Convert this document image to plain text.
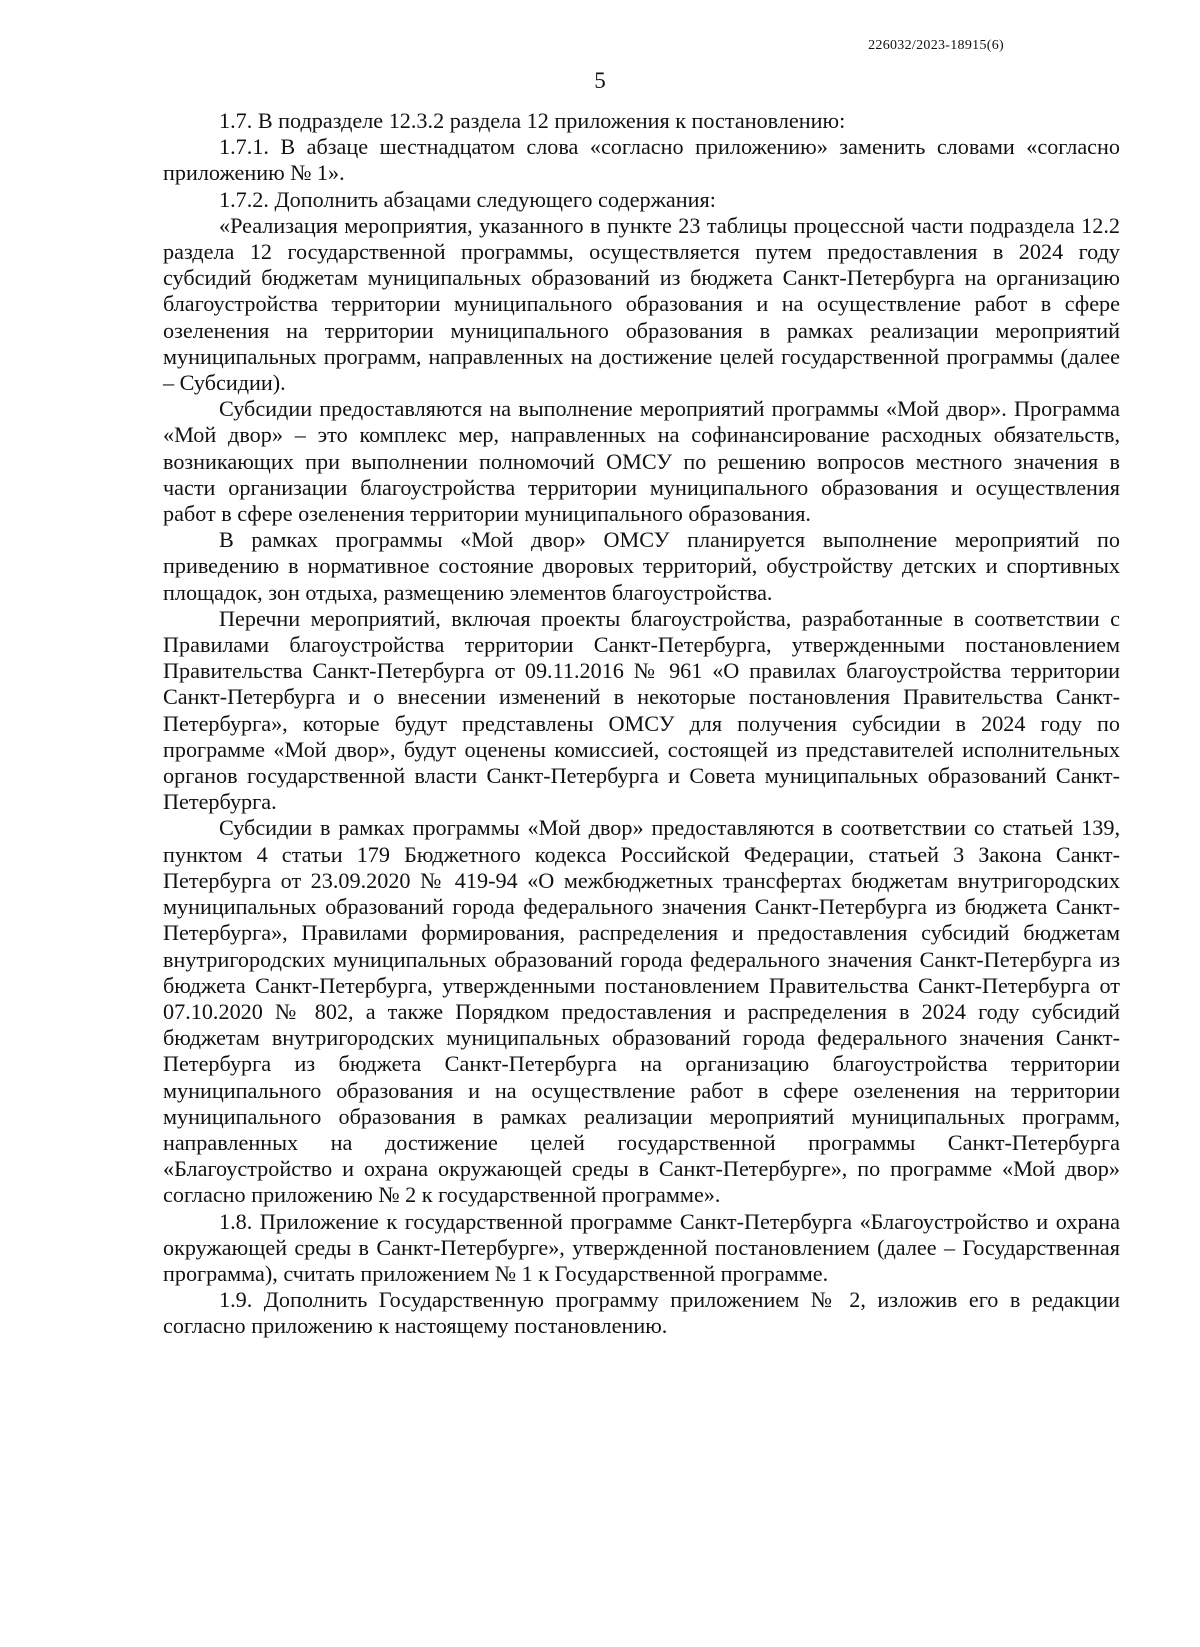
226032/2023-18915(6)
5

1.7. В подразделе 12.3.2 раздела 12 приложения к постановлению:

1.7.1. В абзаце шестнадцатом слова «согласно приложению» заменить словами «согласно приложению № 1».

1.7.2. Дополнить абзацами следующего содержания:

«Реализация мероприятия, указанного в пункте 23 таблицы процессной части подраздела 12.2 раздела 12 государственной программы, осуществляется путем предоставления в 2024 году субсидий бюджетам муниципальных образований из бюджета Санкт-Петербурга на организацию благоустройства территории муниципального образования и на осуществление работ в сфере озеленения на территории муниципального образования в рамках реализации мероприятий муниципальных программ, направленных на достижение целей государственной программы (далее – Субсидии).

Субсидии предоставляются на выполнение мероприятий программы «Мой двор». Программа «Мой двор» – это комплекс мер, направленных на софинансирование расходных обязательств, возникающих при выполнении полномочий ОМСУ по решению вопросов местного значения в части организации благоустройства территории муниципального образования и осуществления работ в сфере озеленения территории муниципального образования.

В рамках программы «Мой двор» ОМСУ планируется выполнение мероприятий по приведению в нормативное состояние дворовых территорий, обустройству детских и спортивных площадок, зон отдыха, размещению элементов благоустройства.

Перечни мероприятий, включая проекты благоустройства, разработанные в соответствии с Правилами благоустройства территории Санкт-Петербурга, утвержденными постановлением Правительства Санкт-Петербурга от 09.11.2016 № 961 «О правилах благоустройства территории Санкт-Петербурга и о внесении изменений в некоторые постановления Правительства Санкт-Петербурга», которые будут представлены ОМСУ для получения субсидии в 2024 году по программе «Мой двор», будут оценены комиссией, состоящей из представителей исполнительных органов государственной власти Санкт-Петербурга и Совета муниципальных образований Санкт-Петербурга.

Субсидии в рамках программы «Мой двор» предоставляются в соответствии со статьей 139, пунктом 4 статьи 179 Бюджетного кодекса Российской Федерации, статьей 3 Закона Санкт-Петербурга от 23.09.2020 № 419-94 «О межбюджетных трансфертах бюджетам внутригородских муниципальных образований города федерального значения Санкт-Петербурга из бюджета Санкт-Петербурга», Правилами формирования, распределения и предоставления субсидий бюджетам внутригородских муниципальных образований города федерального значения Санкт-Петербурга из бюджета Санкт-Петербурга, утвержденными постановлением Правительства Санкт-Петербурга от 07.10.2020 № 802, а также Порядком предоставления и распределения в 2024 году субсидий бюджетам внутригородских муниципальных образований города федерального значения Санкт-Петербурга из бюджета Санкт-Петербурга на организацию благоустройства территории муниципального образования и на осуществление работ в сфере озеленения на территории муниципального образования в рамках реализации мероприятий муниципальных программ, направленных на достижение целей государственной программы Санкт-Петербурга «Благоустройство и охрана окружающей среды в Санкт-Петербурге», по программе «Мой двор» согласно приложению № 2 к государственной программе».

1.8. Приложение к государственной программе Санкт-Петербурга «Благоустройство и охрана окружающей среды в Санкт-Петербурге», утвержденной постановлением (далее – Государственная программа), считать приложением № 1 к Государственной программе.

1.9. Дополнить Государственную программу приложением № 2, изложив его в редакции согласно приложению к настоящему постановлению.
